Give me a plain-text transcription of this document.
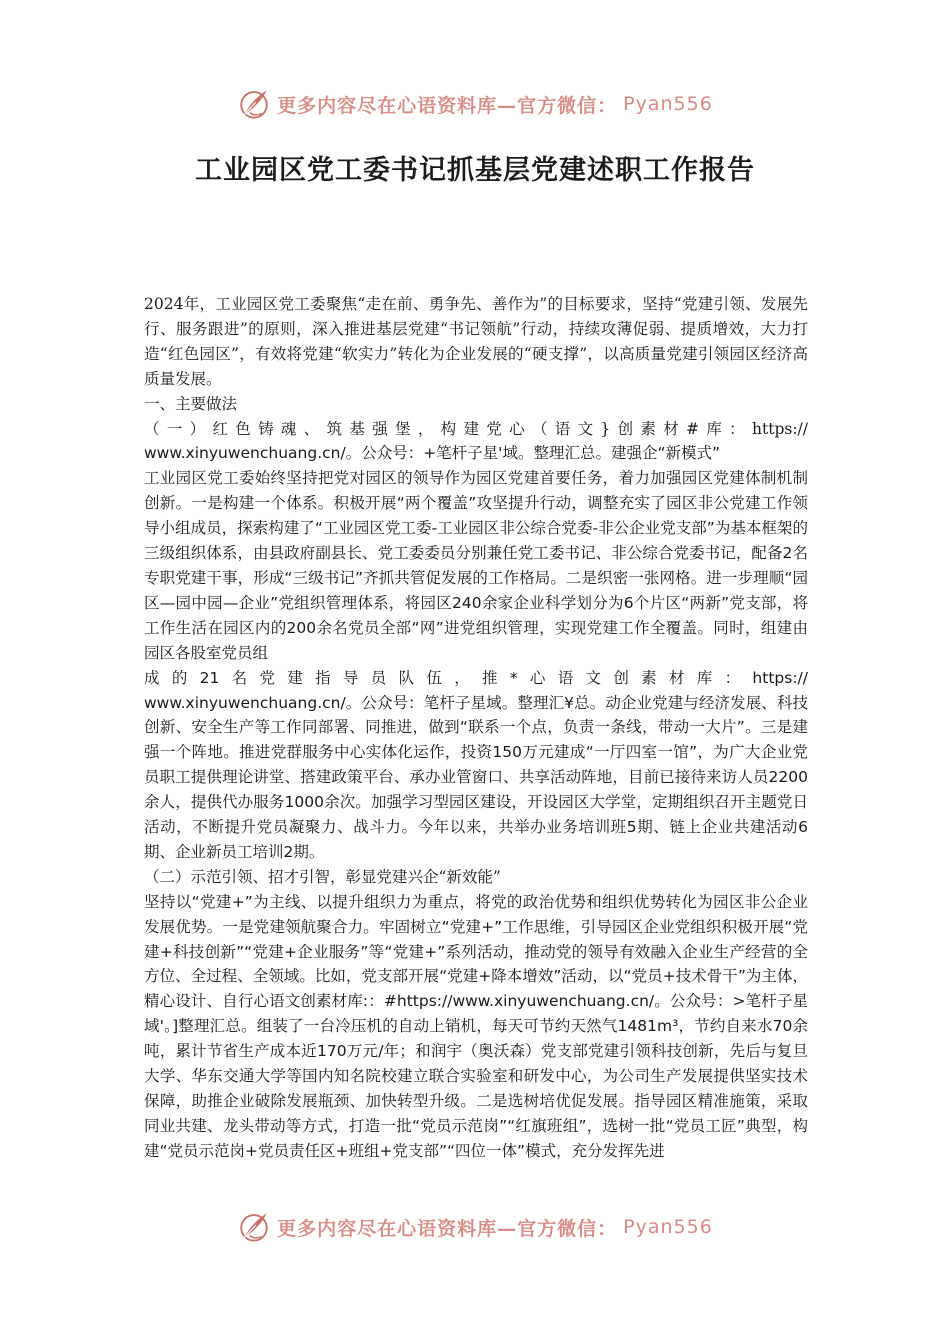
更多内容尽在心语资料库—官方微信： Pyan556
工业园区党工委书记抓基层党建述职工作报告

2024年，工业园区党工委聚焦“走在前、勇争先、善作为”的目标要求，坚持“党建引领、发展先行、服务跟进”的原则，深入推进基层党建“书记领航”行动，持续攻薄促弱、提质增效，大力打造“红色园区”，有效将党建“软实力”转化为企业发展的“硬支撑”，以高质量党建引领园区经济高质量发展。

一、主要做法

（一）红色铸魂、筑基强堡，构建党心（语文}创素材#库：https://

www.xinyuwenchuang.cn/。公众号：+笔杆子星'域。整理汇总。建强企“新模式”

工业园区党工委始终坚持把党对园区的领导作为园区党建首要任务，着力加强园区党建体制机制创新。一是构建一个体系。积极开展“两个覆盖”攻坚提升行动，调整充实了园区非公党建工作领导小组成员，探索构建了“工业园区党工委-工业园区非公综合党委-非公企业党支部”为基本框架的三级组织体系，由县政府副县长、党工委委员分别兼任党工委书记、非公综合党委书记，配备2名专职党建干事，形成“三级书记”齐抓共管促发展的工作格局。二是织密一张网格。进一步理顺“园区—园中园—企业”党组织管理体系，将园区240余家企业科学划分为6个片区“两新”党支部，将工作生活在园区内的200余名党员全部“网”进党组织管理，实现党建工作全覆盖。同时，组建由园区各股室党员组

成的21名党建指导员队伍，推*心语文创素材库：https://

www.xinyuwenchuang.cn/。公众号：笔杆子星域。整理汇¥总。动企业党建与经济发展、科技创新、安全生产等工作同部署、同推进，做到“联系一个点，负责一条线，带动一大片”。三是建强一个阵地。推进党群服务中心实体化运作，投资150万元建成“一厅四室一馆”，为广大企业党员职工提供理论讲堂、搭建政策平台、承办业管窗口、共享活动阵地，目前已接待来访人员2200余人，提供代办服务1000余次。加强学习型园区建设，开设园区大学堂，定期组织召开主题党日活动，不断提升党员凝聚力、战斗力。今年以来，共举办业务培训班5期、链上企业共建活动6期、企业新员工培训2期。

（二）示范引领、招才引智，彰显党建兴企“新效能”

坚持以“党建+”为主线、以提升组织力为重点，将党的政治优势和组织优势转化为园区非公企业发展优势。一是党建领航聚合力。牢固树立“党建+”工作思维，引导园区企业党组织积极开展“党建+科技创新”“党建+企业服务”等“党建+”系列活动，推动党的领导有效融入企业生产经营的全方位、全过程、全领域。比如，党支部开展“党建+降本增效”活动，以“党员+技术骨干”为主体，精心设计、自行心语文创素材库:：#https://www.xinyuwenchuang.cn/。公众号：>笔杆子星域'。]整理汇总。组装了一台冷压机的自动上销机，每天可节约天然气1481m³，节约自来水70余吨，累计节省生产成本近170万元/年；和润宇（奥沃森）党支部党建引领科技创新，先后与复旦大学、华东交通大学等国内知名院校建立联合实验室和研发中心，为公司生产发展提供坚实技术保障，助推企业破除发展瓶颈、加快转型升级。二是选树培优促发展。指导园区精准施策，采取同业共建、龙头带动等方式，打造一批“党员示范岗”“红旗班组”，选树一批“党员工匠”典型，构建“党员示范岗+党员责任区+班组+党支部”“四位一体”模式，充分发挥先进

更多内容尽在心语资料库—官方微信： Pyan556
